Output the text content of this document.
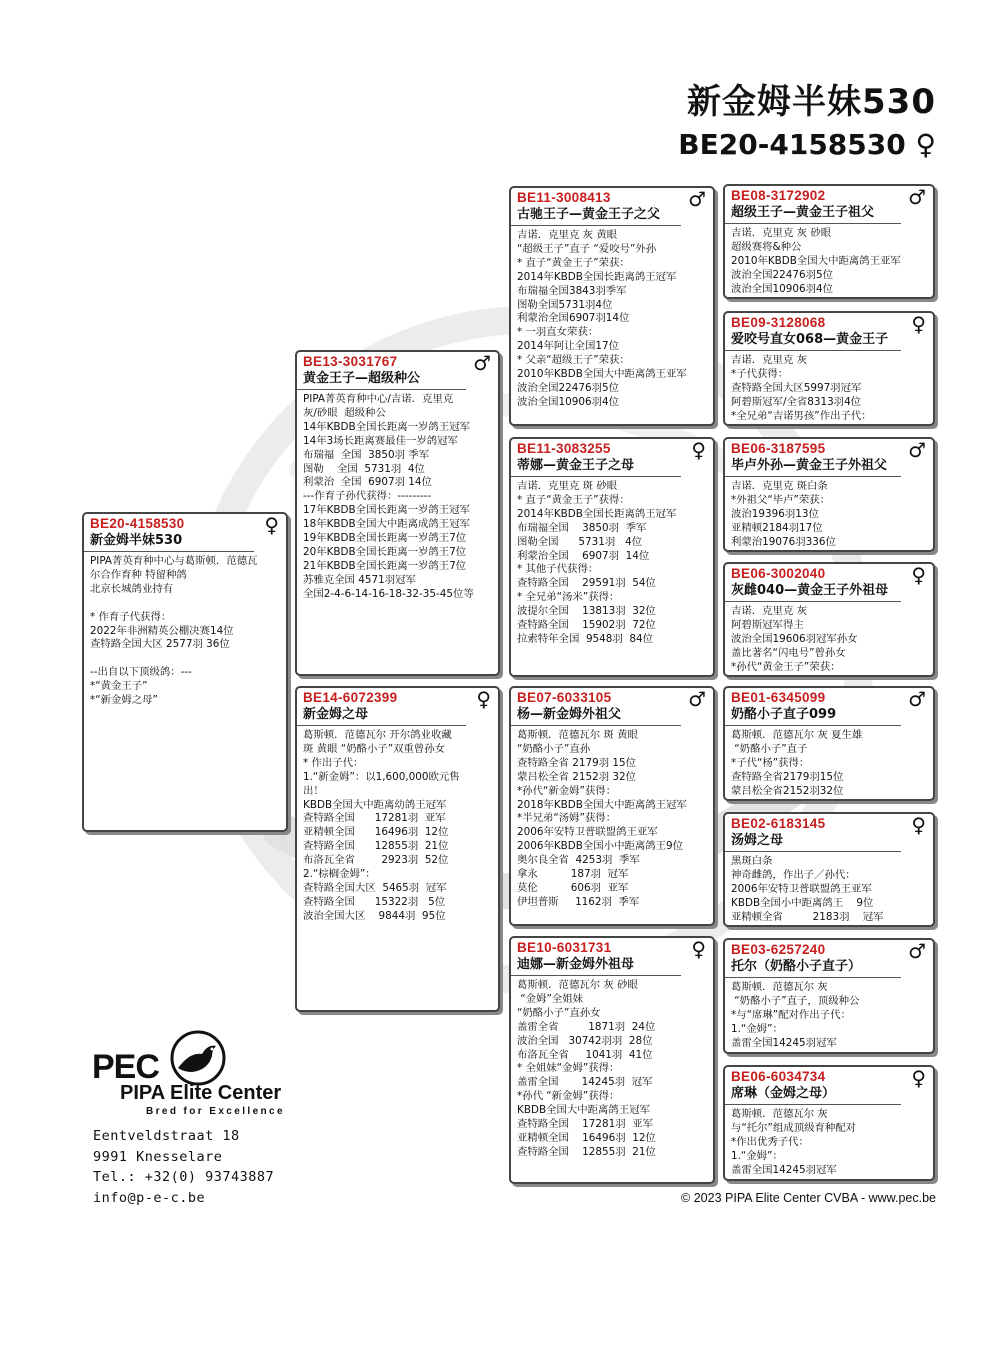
新金姆半妹530
BE20-4158530 ♀
BE20-4158530	♀
新金姆半妹530
PIPA菁英育种中心与葛斯顿．范德瓦
尔合作育种 特留种鸽
北京长城鸽业持有

* 作育子代获得：
2022年非洲精英公棚决赛14位
查特路全国大区 2577羽 36位

--出自以下顶级鸽：---
*“黄金王子”
*“新金姆之母”
BE13-3031767	♂
黄金王子—超级种公
PIPA菁英育种中心/吉诺．克里克
灰/砂眼  超级种公
14年KBDB全国长距离一岁鸽王冠军
14年3场长距离赛最佳一岁鸽冠军
布瑞福  全国  3850羽 季军
图勒    全国  5731羽  4位
利蒙治  全国  6907羽 14位
---作育子孙代获得：---------
17年KBDB全国长距离一岁鸽王冠军
18年KBDB全国大中距离成鸽王冠军
19年KBDB全国长距离一岁鸽王7位
20年KBDB全国长距离一岁鸽王7位
21年KBDB全国长距离一岁鸽王7位
苏雅克全国 4571羽冠军
全国2-4-6-14-16-18-32-35-45位等
BE14-6072399	♀
新金姆之母
葛斯顿．范德瓦尔 开尔鸽业收藏
斑 黄眼 “奶酪小子”双重曾孙女
* 作出子代：
1.“新金姆”：以1,600,000欧元售
出！
KBDB全国大中距离幼鸽王冠军
查特路全国      17281羽  亚军
亚精顿全国      16496羽  12位
查特路全国      12855羽  21位
布洛瓦全省        2923羽  52位
2.“棕榈金姆”：
查特路全国大区  5465羽  冠军
查特路全国      15322羽   5位
波治全国大区    9844羽  95位
BE11-3008413	♂
古驰王子—黄金王子之父
吉诺．克里克 灰 黄眼
“超级王子”直子 “爱咬号”外孙
* 直子“黄金王子”荣获：
2014年KBDB全国长距离鸽王冠军
布瑞福全国3843羽季军
图勒全国5731羽4位
利蒙治全国6907羽14位
* 一羽直女荣获：
2014年阿让全国17位
* 父亲“超级王子”荣获：
2010年KBDB全国大中距离鸽王亚军
波治全国22476羽5位
波治全国10906羽4位
BE11-3083255	♀
蒂娜—黄金王子之母
吉诺．克里克 斑 砂眼
* 直子“黄金王子”获得：
2014年KBDB全国长距离鸽王冠军
布瑞福全国    3850羽  季军
图勒全国      5731羽   4位
利蒙治全国    6907羽  14位
* 其他子代获得：
查特路全国    29591羽  54位
* 全兄弟“汤米”获得：
波提尔全国    13813羽  32位
查特路全国    15902羽  72位
拉索特年全国  9548羽  84位
BE07-6033105	♂
杨—新金姆外祖父
葛斯顿．范德瓦尔 斑 黄眼
“奶酪小子”直孙
查特路全省 2179羽 15位
蒙吕松全省 2152羽 32位
*孙代“新金姆”获得：
2018年KBDB全国大中距离鸽王冠军
*半兄弟“汤姆”获得：
2006年安特卫普联盟鸽王亚军
2006年KBDB全国小中距离鸽王9位
奥尔良全省  4253羽  季军
拿永          187羽  冠军
莫伦          606羽  亚军
伊坦普斯     1162羽  季军
BE10-6031731	♀
迪娜—新金姆外祖母
葛斯顿．范德瓦尔 灰 砂眼
“金姆”全姐妹
“奶酪小子”直孙女
盖雷全省         1871羽  24位
波治全国   30742羽羽  28位
布洛瓦全省     1041羽  41位
* 全姐妹“金姆”获得：
盖雷全国       14245羽  冠军
*孙代 “新金姆”获得：
KBDB全国大中距离鸽王冠军
查特路全国    17281羽  亚军
亚精顿全国    16496羽  12位
查特路全国    12855羽  21位
BE08-3172902	♂
超级王子—黄金王子祖父
吉诺．克里克 灰 砂眼
超级赛将&种公
2010年KBDB全国大中距离鸽王亚军
波治全国22476羽5位
波治全国10906羽4位
BE09-3128068	♀
爱咬号直女068—黄金王子
吉诺．克里克 灰
*子代获得：
查特路全国大区5997羽冠军
阿碧斯冠军/全省8313羽4位
*全兄弟“吉诺男孩”作出子代：
BE06-3187595	♂
毕卢外孙—黄金王子外祖父
吉诺．克里克 斑白条
*外祖父“毕卢”荣获：
波治19396羽13位
亚精顿2184羽17位
利蒙治19076羽336位
BE06-3002040	♀
灰雌040—黄金王子外祖母
吉诺．克里克 灰
阿碧斯冠军得主
波治全国19606羽冠军孙女
盖比著名“闪电号”曾孙女
*孙代“黄金王子”荣获：
BE01-6345099	♂
奶酪小子直子099
葛斯顿．范德瓦尔 灰 夏生雄
“奶酪小子”直子
*子代“杨”获得：
查特路全省2179羽15位
蒙吕松全省2152羽32位
BE02-6183145	♀
汤姆之母
黑斑白条
神奇雌鸽，作出子／孙代：
2006年安特卫普联盟鸽王亚军
KBDB全国小中距离鸽王    9位
亚精顿全省         2183羽    冠军
BE03-6257240	♂
托尔（奶酪小子直子）
葛斯顿．范德瓦尔 灰
“奶酪小子”直子，顶级种公
*与“席琳”配对作出子代：
1.“金姆”：
盖雷全国14245羽冠军
BE06-6034734	♀
席琳（金姆之母）
葛斯顿．范德瓦尔 灰
与“托尔”组成顶级育种配对
*作出优秀子代：
1.“金姆”：
盖雷全国14245羽冠军
PEC
PIPA Elite Center
Bred for Excellence
Eentveldstraat 18
9991 Knesselare
Tel.: +32(0) 93743887
info@p-e-c.be	© 2023 PIPA Elite Center CVBA - www.pec.be
